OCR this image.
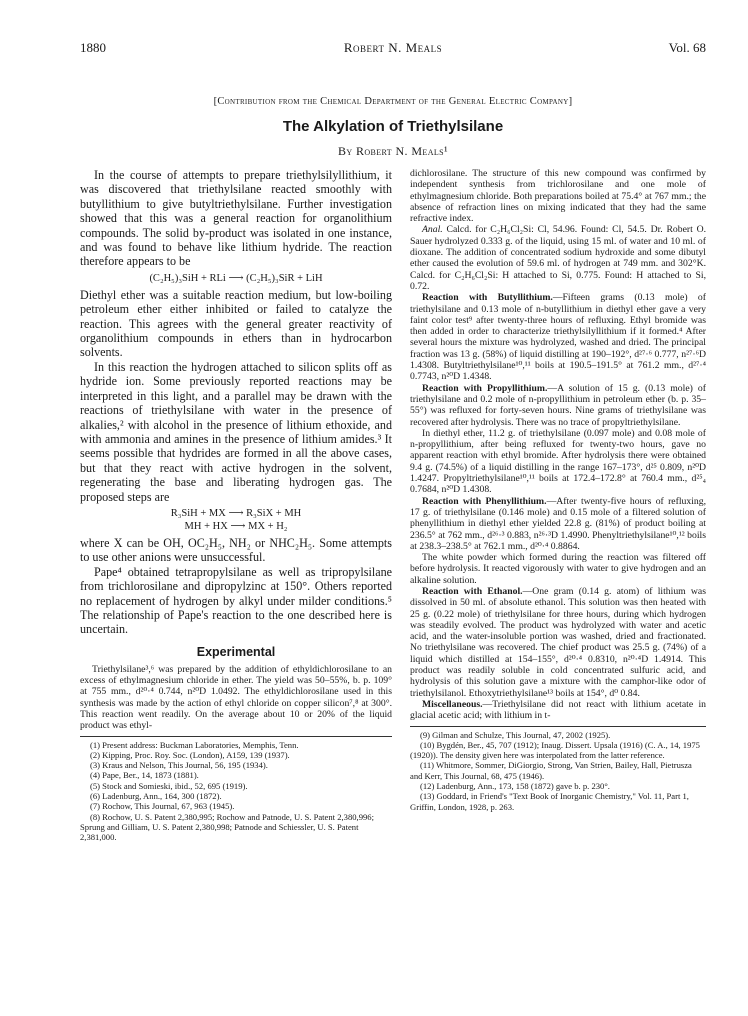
1880	Robert N. Meals	Vol. 68
[Contribution from the Chemical Department of the General Electric Company]
The Alkylation of Triethylsilane
By Robert N. Meals¹

In the course of attempts to prepare triethylsilyllithium, it was discovered that triethylsilane reacted smoothly with butyllithium to give butyltriethylsilane. Further investigation showed that this was a general reaction for organolithium compounds. The solid by-product was isolated in one instance, and was found to behave like lithium hydride. The reaction therefore appears to be

(C₂H₅)₃SiH + RLi ⟶ (C₂H₅)₃SiR + LiH

Diethyl ether was a suitable reaction medium, but low-boiling petroleum ether either inhibited or failed to catalyze the reaction. This agrees with the general greater reactivity of organolithium compounds in ethers than in hydrocarbon solvents.

In this reaction the hydrogen attached to silicon splits off as hydride ion. Some previously reported reactions may be interpreted in this light, and a parallel may be drawn with the reactions of triethylsilane with water in the presence of alkalies,² with alcohol in the presence of lithium ethoxide, and with ammonia and amines in the presence of lithium amides.³ It seems possible that hydrides are formed in all the above cases, but that they react with active hydrogen in the solvent, regenerating the base and liberating hydrogen gas. The proposed steps are

R₃SiH + MX ⟶ R₃SiX + MH
MH + HX ⟶ MX + H₂

where X can be OH, OC₂H₅, NH₂ or NHC₂H₅. Some attempts to use other anions were unsuccessful.

Pape⁴ obtained tetrapropylsilane as well as tripropylsilane from trichlorosilane and dipropylzinc at 150°. Others reported no replacement of hydrogen by alkyl under milder conditions.⁵ The relationship of Pape's reaction to the one described here is uncertain.

Experimental

Triethylsilane³,⁶ was prepared by the addition of ethyldichlorosilane to an excess of ethylmagnesium chloride in ether. The yield was 50–55%, b. p. 109° at 755 mm., d²⁰·⁴ 0.744, n²⁰D 1.0492. The ethyldichlorosilane used in this synthesis was made by the action of ethyl chloride on copper silicon⁷,⁸ at 300°. This reaction went readily. On the average about 10 or 20% of the liquid product was ethyl-

(1) Present address: Buckman Laboratories, Memphis, Tenn.

(2) Kipping, Proc. Roy. Soc. (London), A159, 139 (1937).

(3) Kraus and Nelson, This Journal, 56, 195 (1934).

(4) Pape, Ber., 14, 1873 (1881).

(5) Stock and Somieski, ibid., 52, 695 (1919).

(6) Ladenburg, Ann., 164, 300 (1872).

(7) Rochow, This Journal, 67, 963 (1945).

(8) Rochow, U. S. Patent 2,380,995; Rochow and Patnode, U. S. Patent 2,380,996; Sprung and Gilliam, U. S. Patent 2,380,998; Patnode and Schiessler, U. S. Patent 2,381,000.

dichlorosilane. The structure of this new compound was confirmed by independent synthesis from trichlorosilane and one mole of ethylmagnesium chloride. Both preparations boiled at 75.4° at 767 mm.; the absence of refraction lines on mixing indicated that they had the same refractive index.

Anal. Calcd. for C₂H₆Cl₂Si: Cl, 54.96. Found: Cl, 54.5. Dr. Robert O. Sauer hydrolyzed 0.333 g. of the liquid, using 15 ml. of water and 10 ml. of dioxane. The addition of concentrated sodium hydroxide and some dibutyl ether caused the evolution of 59.6 ml. of hydrogen at 749 mm. and 302°K. Calcd. for C₂H₆Cl₂Si: H attached to Si, 0.775. Found: H attached to Si, 0.72.

Reaction with Butyllithium.—Fifteen grams (0.13 mole) of triethylsilane and 0.13 mole of n-butyllithium in diethyl ether gave a very faint color test⁹ after twenty-three hours of refluxing. Ethyl bromide was then added in order to characterize triethylsilyllithium if it formed.⁴ After several hours the mixture was hydrolyzed, washed and dried. The principal fraction was 13 g. (58%) of liquid distilling at 190–192°, d²⁷·⁶ 0.777, n²⁷·⁶D 1.4308. Butyltriethylsilane¹⁰,¹¹ boils at 190.5–191.5° at 761.2 mm., d²⁷·⁴ 0.7743, n²⁰D 1.4348.

Reaction with Propyllithium.—A solution of 15 g. (0.13 mole) of triethylsilane and 0.2 mole of n-propyllithium in petroleum ether (b. p. 35–55°) was refluxed for forty-seven hours. Nine grams of triethylsilane was recovered after hydrolysis. There was no trace of propyltriethylsilane.

In diethyl ether, 11.2 g. of triethylsilane (0.097 mole) and 0.08 mole of n-propyllithium, after being refluxed for twenty-two hours, gave no apparent reaction with ethyl bromide. After hydrolysis there were obtained 9.4 g. (74.5%) of a liquid distilling in the range 167–173°, d²⁵ 0.809, n²⁰D 1.4247. Propyltriethylsilane¹⁰,¹¹ boils at 172.4–172.8° at 760.4 mm., d²⁵₄ 0.7684, n²⁰D 1.4308.

Reaction with Phenyllithium.—After twenty-five hours of refluxing, 17 g. of triethylsilane (0.146 mole) and 0.15 mole of a filtered solution of phenyllithium in diethyl ether yielded 22.8 g. (81%) of product boiling at 236.5° at 762 mm., d²⁶·³ 0.883, n²⁶·³D 1.4990. Phenyltriethylsilane¹⁰,¹² boils at 238.3–238.5° at 762.1 mm., d²⁰·⁴ 0.8864.

The white powder which formed during the reaction was filtered off before hydrolysis. It reacted vigorously with water to give hydrogen and an alkaline solution.

Reaction with Ethanol.—One gram (0.14 g. atom) of lithium was dissolved in 50 ml. of absolute ethanol. This solution was then heated with 25 g. (0.22 mole) of triethylsilane for three hours, during which hydrogen was steadily evolved. The product was hydrolyzed with water and acetic acid, and the water-insoluble portion was washed, dried and fractionated. No triethylsilane was recovered. The chief product was 25.5 g. (74%) of a liquid which distilled at 154–155°, d²⁰·⁴ 0.8310, n²⁰·⁴D 1.4914. This product was readily soluble in cold concentrated sulfuric acid, and hydrolysis of this solution gave a mixture with the camphor-like odor of triethylsilanol. Ethoxytriethylsilane¹³ boils at 154°, d⁰ 0.84.

Miscellaneous.—Triethylsilane did not react with lithium acetate in glacial acetic acid; with lithium in t-

(9) Gilman and Schulze, This Journal, 47, 2002 (1925).

(10) Bygdén, Ber., 45, 707 (1912); Inaug. Dissert. Upsala (1916) (C. A., 14, 1975 (1920)). The density given here was interpolated from the latter reference.

(11) Whitmore, Sommer, DiGiorgio, Strong, Van Strien, Bailey, Hall, Pietrusza and Kerr, This Journal, 68, 475 (1946).

(12) Ladenburg, Ann., 173, 158 (1872) gave b. p. 230°.

(13) Goddard, in Friend's "Text Book of Inorganic Chemistry," Vol. 11, Part 1, Griffin, London, 1928, p. 263.
